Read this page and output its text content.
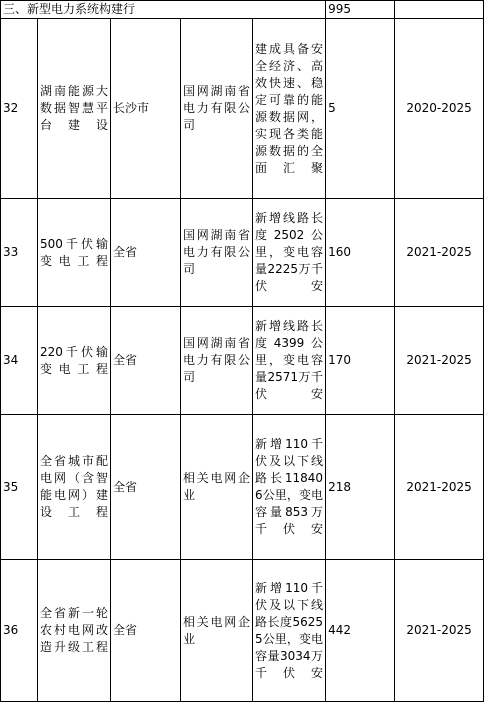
三、新型电力系统构建行					995	
32	湖南能源大数据智慧平台建设	长沙市	国网湖南省电力有限公司	建成具备安全经济、高效快速、稳定可靠的能源数据网，实现各类能源数据的全面汇聚	5	2020-2025
33	500千伏输变电工程	全省	国网湖南省电力有限公司	新增线路长度2502公里，变电容量2225万千伏安	160	2021-2025
34	220千伏输变电工程	全省	国网湖南省电力有限公司	新增线路长度4399公里，变电容量2571万千伏安	170	2021-2025
35	全省城市配电网（含智能电网）建设工程	全省	相关电网企业	新增110千伏及以下线路长118406公里，变电容量853万千伏安	218	2021-2025
36	全省新一轮农村电网改造升级工程	全省	相关电网企业	新增110千伏及以下线路长度56255公里，变电容量3034万千伏安	442	2021-2025
